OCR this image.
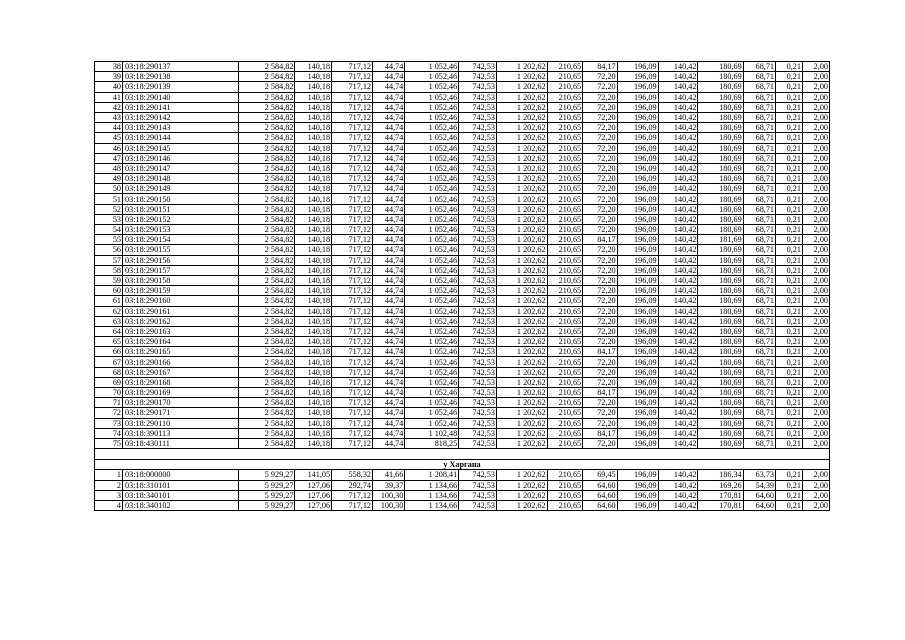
38	03:18:290137	2 584,82	140,18	717,12	44,74	1 052,46	742,53	1 202,62	210,65	84,17	196,09	140,42	180,69	68,71	0,21	2,00
39	03:18:290138	2 584,82	140,18	717,12	44,74	1 052,46	742,53	1 202,62	210,65	72,20	196,09	140,42	180,69	68,71	0,21	2,00
40	03:18:290139	2 584,82	140,18	717,12	44,74	1 052,46	742,53	1 202,62	210,65	72,20	196,09	140,42	180,69	68,71	0,21	2,00
41	03:18:290140	2 584,82	140,18	717,12	44,74	1 052,46	742,53	1 202,62	210,65	72,20	196,09	140,42	180,69	68,71	0,21	2,00
42	03:18:290141	2 584,82	140,18	717,12	44,74	1 052,46	742,53	1 202,62	210,65	72,20	196,09	140,42	180,69	68,71	0,21	2,00
43	03:18:290142	2 584,82	140,18	717,12	44,74	1 052,46	742,53	1 202,62	210,65	72,20	196,09	140,42	180,69	68,71	0,21	2,00
44	03:18:290143	2 584,82	140,18	717,12	44,74	1 052,46	742,53	1 202,62	210,65	72,20	196,09	140,42	180,69	68,71	0,21	2,00
45	03:18:290144	2 584,82	140,18	717,12	44,74	1 052,46	742,53	1 202,62	210,65	72,20	196,09	140,42	180,69	68,71	0,21	2,00
46	03:18:290145	2 584,82	140,18	717,12	44,74	1 052,46	742,53	1 202,62	210,65	72,20	196,09	140,42	180,69	68,71	0,21	2,00
47	03:18:290146	2 584,82	140,18	717,12	44,74	1 052,46	742,53	1 202,62	210,65	72,20	196,09	140,42	180,69	68,71	0,21	2,00
48	03:18:290147	2 584,82	140,18	717,12	44,74	1 052,46	742,53	1 202,62	210,65	72,20	196,09	140,42	180,69	68,71	0,21	2,00
49	03:18:290148	2 584,82	140,18	717,12	44,74	1 052,46	742,53	1 202,62	210,65	72,20	196,09	140,42	180,69	68,71	0,21	2,00
50	03:18:290149	2 584,82	140,18	717,12	44,74	1 052,46	742,53	1 202,62	210,65	72,20	196,09	140,42	180,69	68,71	0,21	2,00
51	03:18:290150	2 584,82	140,18	717,12	44,74	1 052,46	742,53	1 202,62	210,65	72,20	196,09	140,42	180,69	68,71	0,21	2,00
52	03:18:290151	2 584,82	140,18	717,12	44,74	1 052,46	742,53	1 202,62	210,65	72,20	196,09	140,42	180,69	68,71	0,21	2,00
53	03:18:290152	2 584,82	140,18	717,12	44,74	1 052,46	742,53	1 202,62	210,65	72,20	196,09	140,42	180,69	68,71	0,21	2,00
54	03:18:290153	2 584,82	140,18	717,12	44,74	1 052,46	742,53	1 202,62	210,65	72,20	196,09	140,42	180,69	68,71	0,21	2,00
55	03:18:290154	2 584,82	140,18	717,12	44,74	1 052,46	742,53	1 202,62	210,65	84,17	196,09	140,42	181,69	68,71	0,21	2,00
56	03:18:290155	2 584,82	140,18	717,12	44,74	1 052,46	742,53	1 202,62	210,65	72,20	196,09	140,42	180,69	68,71	0,21	2,00
57	03:18:290156	2 584,82	140,18	717,12	44,74	1 052,46	742,53	1 202,62	210,65	72,20	196,09	140,42	180,69	68,71	0,21	2,00
58	03:18:290157	2 584,82	140,18	717,12	44,74	1 052,46	742,53	1 202,62	210,65	72,20	196,09	140,42	180,69	68,71	0,21	2,00
59	03:18:290158	2 584,82	140,18	717,12	44,74	1 052,46	742,53	1 202,62	210,65	72,20	196,09	140,42	180,69	68,71	0,21	2,00
60	03:18:290159	2 584,82	140,18	717,12	44,74	1 052,46	742,53	1 202,62	210,65	72,20	196,09	140,42	180,69	68,71	0,21	2,00
61	03:18:290160	2 584,82	140,18	717,12	44,74	1 052,46	742,53	1 202,62	210,65	72,20	196,09	140,42	180,69	68,71	0,21	2,00
62	03:18:290161	2 584,82	140,18	717,12	44,74	1 052,46	742,53	1 202,62	210,65	72,20	196,09	140,42	180,69	68,71	0,21	2,00
63	03:18:290162	2 584,82	140,18	717,12	44,74	1 052,46	742,53	1 202,62	210,65	72,20	196,09	140,42	180,69	68,71	0,21	2,00
64	03:18:290163	2 584,82	140,18	717,12	44,74	1 052,46	742,53	1 202,62	210,65	72,20	196,09	140,42	180,69	68,71	0,21	2,00
65	03:18:290164	2 584,82	140,18	717,12	44,74	1 052,46	742,53	1 202,62	210,65	72,20	196,09	140,42	180,69	68,71	0,21	2,00
66	03:18:290165	2 584,82	140,18	717,12	44,74	1 052,46	742,53	1 202,62	210,65	84,17	196,09	140,42	180,69	68,71	0,21	2,00
67	03:18:290166	2 584,82	140,18	717,12	44,74	1 052,46	742,53	1 202,62	210,65	72,20	196,09	140,42	180,69	68,71	0,21	2,00
68	03:18:290167	2 584,82	140,18	717,12	44,74	1 052,46	742,53	1 202,62	210,65	72,20	196,09	140,42	180,69	68,71	0,21	2,00
69	03:18:290168	2 584,82	140,18	717,12	44,74	1 052,46	742,53	1 202,62	210,65	72,20	196,09	140,42	180,69	68,71	0,21	2,00
70	03:18:290169	2 584,82	140,18	717,12	44,74	1 052,46	742,53	1 202,62	210,65	84,17	196,09	140,42	180,69	68,71	0,21	2,00
71	03:18:290170	2 584,82	140,18	717,12	44,74	1 052,46	742,53	1 202,62	210,65	72,20	196,09	140,42	180,69	68,71	0,21	2,00
72	03:18:290171	2 584,82	140,18	717,12	44,74	1 052,46	742,53	1 202,62	210,65	72,20	196,09	140,42	180,69	68,71	0,21	2,00
73	03:18:290110	2 584,82	140,18	717,12	44,74	1 052,46	742,53	1 202,62	210,65	72,20	196,09	140,42	180,69	68,71	0,21	2,00
74	03:18:390113	2 584,82	140,18	717,12	44,74	1 102,48	742,53	1 202,62	210,65	84,17	196,09	140,42	180,69	68,71	0,21	2,00
75	03:18:430111	2 584,82	140,18	717,12	44,74	818,25	742,53	1 202,62	210,65	72,20	196,09	140,42	180,69	68,71	0,21	2,00

у Харгана																
1	03:18:000000	5 929,27	141,05	558,32	41,66	1 208,41	742,53	1 202,62	210,65	69,45	196,09	140,42	186,34	63,73	0,21	2,00
2	03:18:310101	5 929,27	127,06	292,74	39,37	1 134,66	742,53	1 202,62	210,65	64,60	196,09	140,42	169,26	54,39	0,21	2,00
3	03:18:340101	5 929,27	127,06	717,12	100,30	1 134,66	742,53	1 202,62	210,65	64,60	196,09	140,42	170,81	64,60	0,21	2,00
4	03:18:340102	5 929,27	127,06	717,12	100,30	1 134,66	742,53	1 202,62	210,65	64,60	196,09	140,42	170,81	64,60	0,21	2,00
